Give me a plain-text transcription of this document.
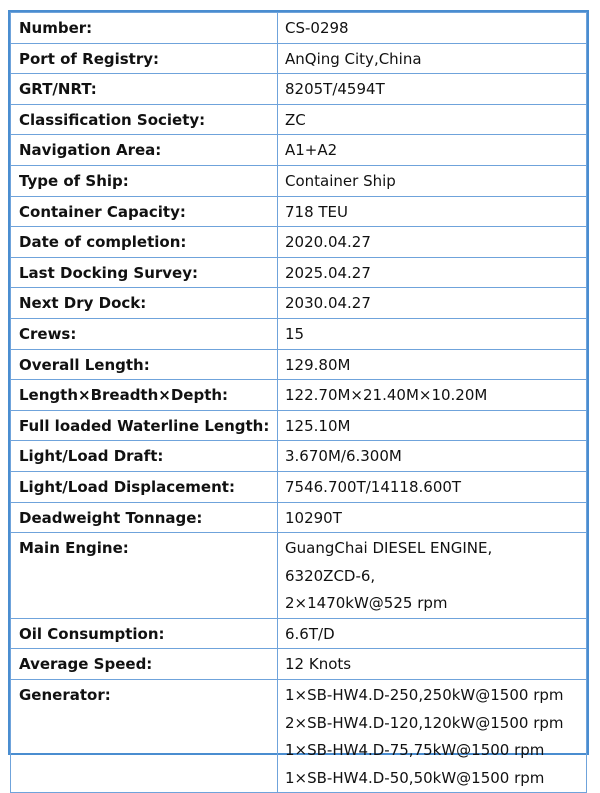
Number:	CS-0298

Port of Registry:	AnQing City,China

GRT/NRT:	8205T/4594T

Classification Society:	ZC

Navigation Area:	A1+A2

Type of Ship:	Container Ship

Container Capacity:	718 TEU

Date of completion:	2020.04.27

Last Docking Survey:	2025.04.27

Next Dry Dock:	2030.04.27

Crews:	15

Overall Length:	129.80M

Length×Breadth×Depth:	122.70M×21.40M×10.20M

Full loaded Waterline Length:	125.10M

Light/Load Draft:	3.670M/6.300M

Light/Load Displacement:	7546.700T/14118.600T

Deadweight Tonnage:	10290T

Main Engine:	GuangChai DIESEL ENGINE,
6320ZCD-6,
2×1470kW@525 rpm

Oil Consumption:	6.6T/D

Average Speed:	12 Knots

Generator:	1×SB-HW4.D-250,250kW@1500 rpm
2×SB-HW4.D-120,120kW@1500 rpm
1×SB-HW4.D-75,75kW@1500 rpm
1×SB-HW4.D-50,50kW@1500 rpm
